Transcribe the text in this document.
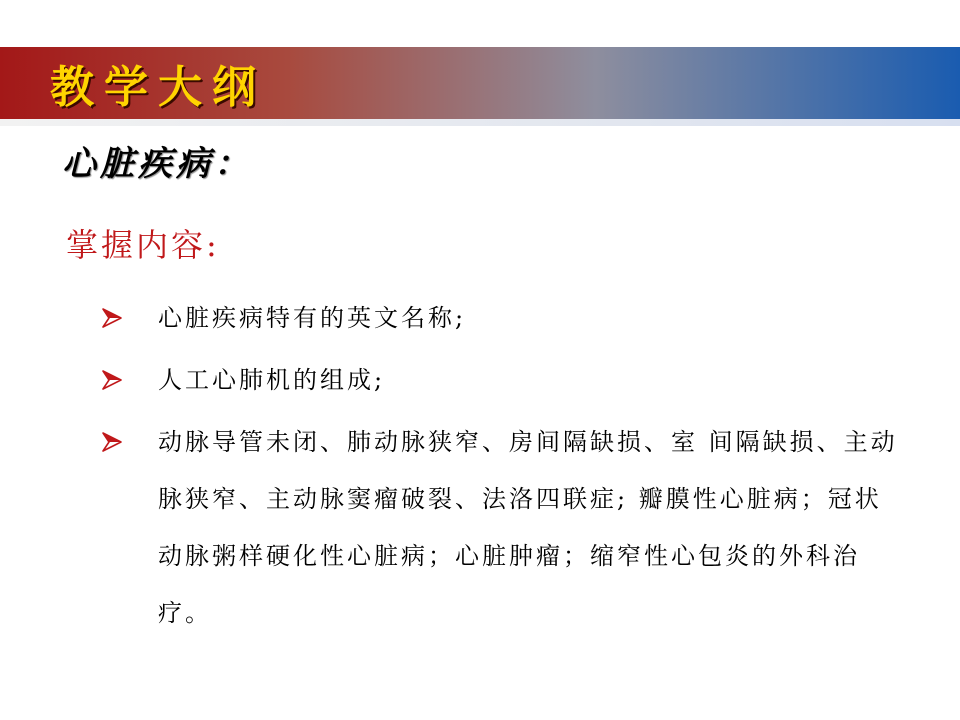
教学大纲
心脏疾病：
掌握内容:
心脏疾病特有的英文名称;
人工心肺机的组成;
动脉导管未闭、肺动脉狭窄、房间隔缺损、室 间隔缺损、主动脉狭窄、主动脉窦瘤破裂、法洛四联症; 瓣膜性心脏病；冠状动脉粥样硬化性心脏病；心脏肿瘤；缩窄性心包炎的外科治疗。
